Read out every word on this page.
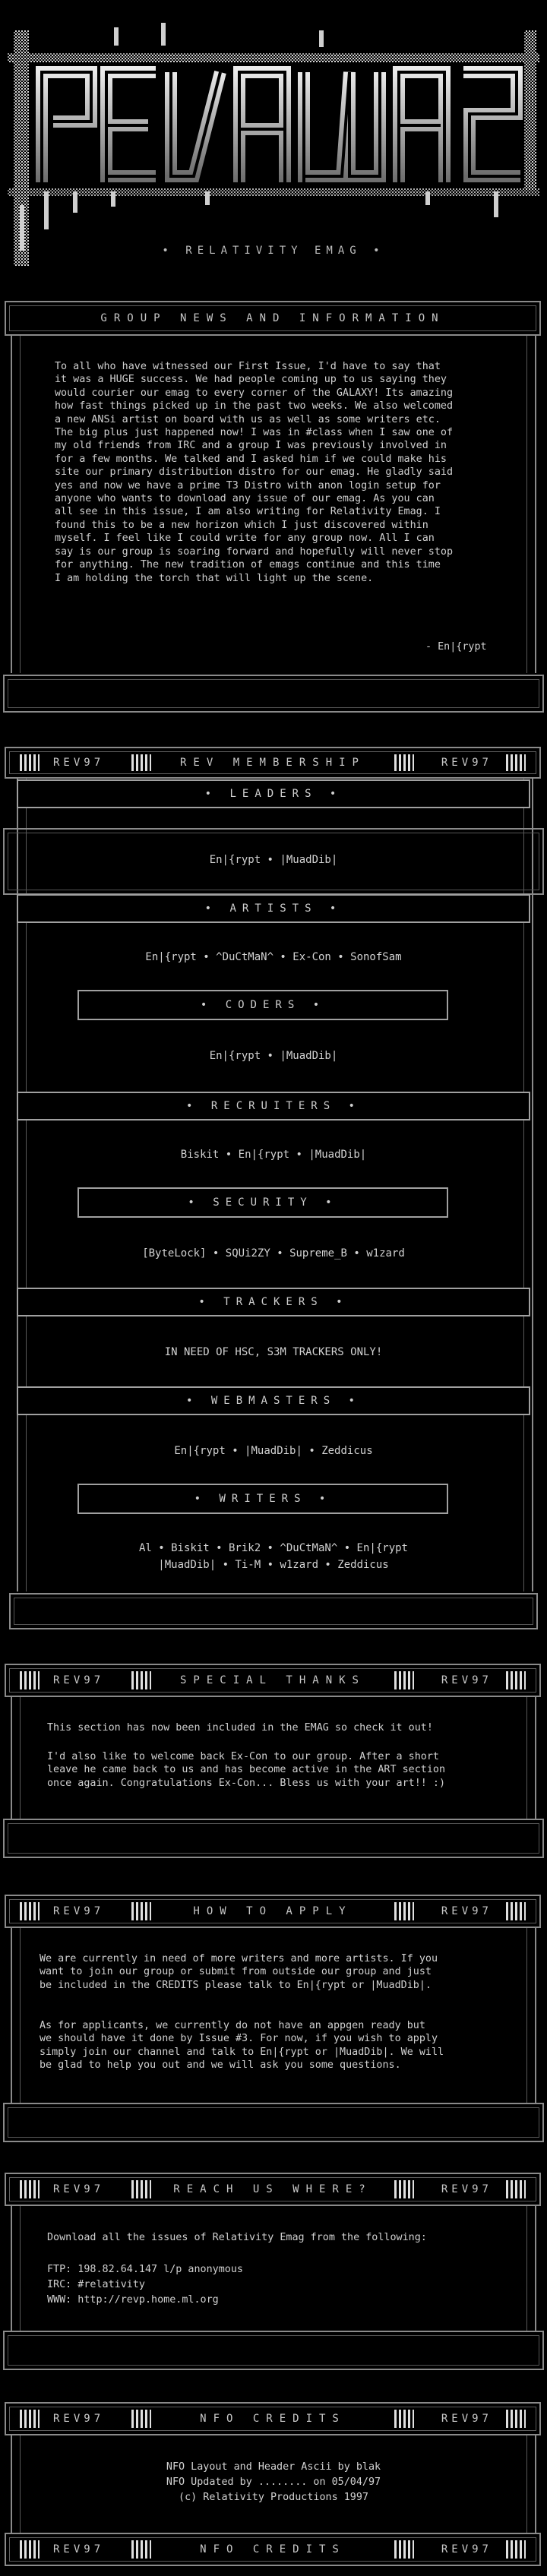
• RELATIVITY EMAG •
GROUP NEWS AND INFORMATION
To all who have witnessed our First Issue, I'd have to say that
it was a HUGE success. We had people coming up to us saying they
would courier our emag to every corner of the GALAXY! Its amazing
how fast things picked up in the past two weeks. We also welcomed
a new ANSi artist on board with us as well as some writers etc.
The big plus just happened now! I was in #class when I saw one of
my old friends from IRC and a group I was previously involved in
for a few months. We talked and I asked him if we could make his
site our primary distribution distro for our emag. He gladly said
yes and now we have a prime T3 Distro with anon login setup for
anyone who wants to download any issue of our emag. As you can
all see in this issue, I am also writing for Relativity Emag. I
found this to be a new horizon which I just discovered within
myself. I feel like I could write for any group now. All I can
say is our group is soaring forward and hopefully will never stop
for anything. The new tradition of emags continue and this time
I am holding the torch that will light up the scene.
- En|{rypt
REV97	REV MEMBERSHIP	REV97
• LEADERS •
En|{rypt • |MuadDib|
• ARTISTS •
En|{rypt • ^DuCtMaN^ • Ex-Con • SonofSam
• CODERS •
En|{rypt • |MuadDib|
• RECRUITERS •
Biskit • En|{rypt • |MuadDib|
• SECURITY •
[ByteLock] • SQUi2ZY • Supreme_B • w1zard
• TRACKERS •
IN NEED OF HSC, S3M TRACKERS ONLY!
• WEBMASTERS •
En|{rypt • |MuadDib| • Zeddicus
• WRITERS •
Al • Biskit • Brik2 • ^DuCtMaN^ • En|{rypt
|MuadDib| • Ti-M • w1zard • Zeddicus
REV97	SPECIAL THANKS	REV97
This section has now been included in the EMAG so check it out!
I'd also like to welcome back Ex-Con to our group. After a short
leave he came back to us and has become active in the ART section
once again. Congratulations Ex-Con... Bless us with your art!! :)
REV97	HOW TO APPLY	REV97
We are currently in need of more writers and more artists. If you
want to join our group or submit from outside our group and just
be included in the CREDITS please talk to En|{rypt or |MuadDib|.
As for applicants, we currently do not have an appgen ready but
we should have it done by Issue #3. For now, if you wish to apply
simply join our channel and talk to En|{rypt or |MuadDib|. We will
be glad to help you out and we will ask you some questions.
REV97	REACH US WHERE?	REV97
Download all the issues of Relativity Emag from the following:
FTP: 198.82.64.147 l/p anonymous
IRC: #relativity
WWW: http://revp.home.ml.org
REV97	NFO CREDITS	REV97
NFO Layout and Header Ascii by blak
NFO Updated by ........ on 05/04/97
(c) Relativity Productions 1997
REV97	NFO CREDITS	REV97
